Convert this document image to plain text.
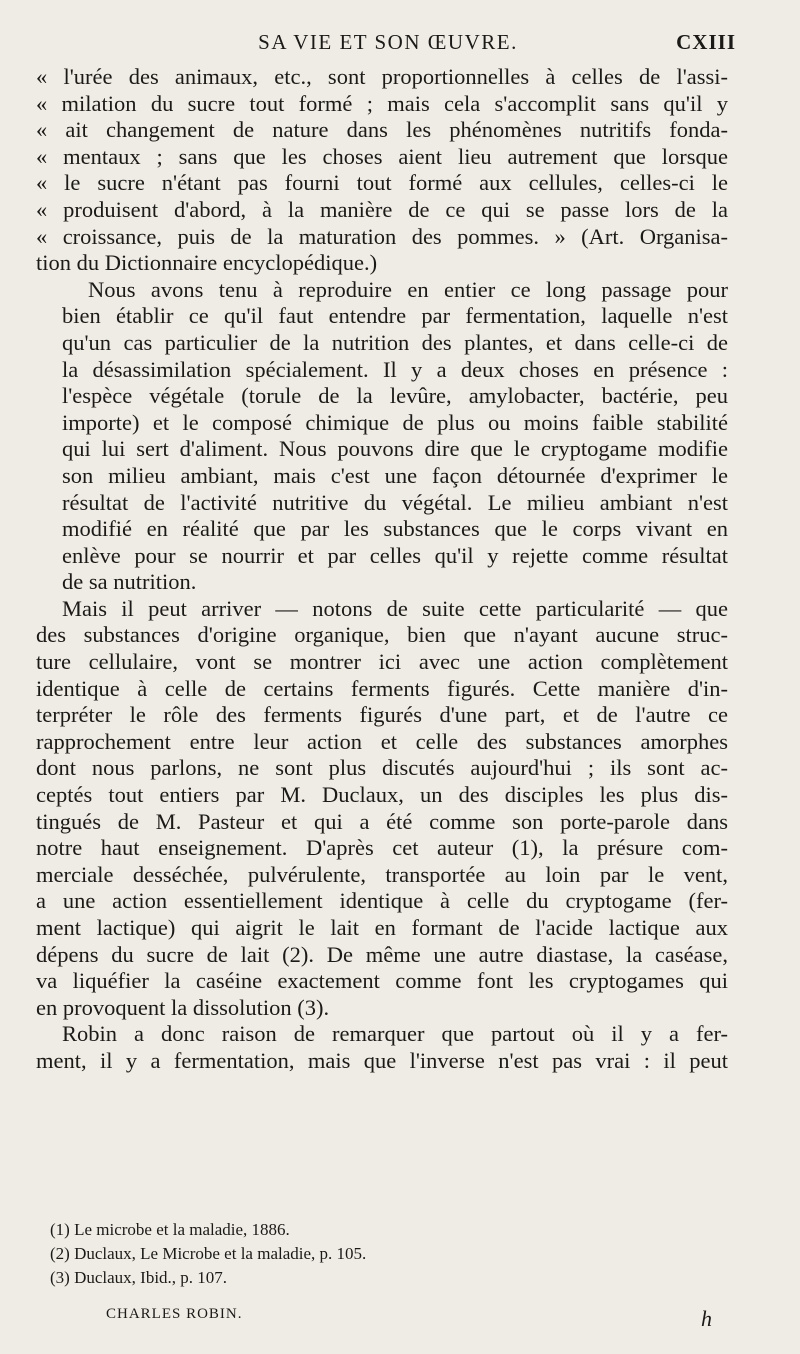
SA VIE ET SON ŒUVRE.	CXIII

« l'urée des animaux, etc., sont proportionnelles à celles de l'assi-
« milation du sucre tout formé ; mais cela s'accomplit sans qu'il y
« ait changement de nature dans les phénomènes nutritifs fonda-
« mentaux ; sans que les choses aient lieu autrement que lorsque
« le sucre n'étant pas fourni tout formé aux cellules, celles-ci le
« produisent d'abord, à la manière de ce qui se passe lors de la
« croissance, puis de la maturation des pommes. » (Art. Organisa-
tion du Dictionnaire encyclopédique.)

Nous avons tenu à reproduire en entier ce long passage pour
bien établir ce qu'il faut entendre par fermentation, laquelle n'est
qu'un cas particulier de la nutrition des plantes, et dans celle-ci de
la désassimilation spécialement. Il y a deux choses en présence :
l'espèce végétale (torule de la levûre, amylobacter, bactérie, peu
importe) et le composé chimique de plus ou moins faible stabilité
qui lui sert d'aliment. Nous pouvons dire que le cryptogame modifie
son milieu ambiant, mais c'est une façon détournée d'exprimer le
résultat de l'activité nutritive du végétal. Le milieu ambiant n'est
modifié en réalité que par les substances que le corps vivant en
enlève pour se nourrir et par celles qu'il y rejette comme résultat
de sa nutrition.

Mais il peut arriver — notons de suite cette particularité — que
des substances d'origine organique, bien que n'ayant aucune struc-
ture cellulaire, vont se montrer ici avec une action complètement
identique à celle de certains ferments figurés. Cette manière d'in-
terpréter le rôle des ferments figurés d'une part, et de l'autre ce
rapprochement entre leur action et celle des substances amorphes
dont nous parlons, ne sont plus discutés aujourd'hui ; ils sont ac-
ceptés tout entiers par M. Duclaux, un des disciples les plus dis-
tingués de M. Pasteur et qui a été comme son porte-parole dans
notre haut enseignement. D'après cet auteur (1), la présure com-
merciale desséchée, pulvérulente, transportée au loin par le vent,
a une action essentiellement identique à celle du cryptogame (fer-
ment lactique) qui aigrit le lait en formant de l'acide lactique aux
dépens du sucre de lait (2). De même une autre diastase, la caséase,
va liquéfier la caséine exactement comme font les cryptogames qui
en provoquent la dissolution (3).

Robin a donc raison de remarquer que partout où il y a fer-
ment, il y a fermentation, mais que l'inverse n'est pas vrai : il peut

(1) Le microbe et la maladie, 1886.
(2) Duclaux, Le Microbe et la maladie, p. 105.
(3) Duclaux, Ibid., p. 107.
CHARLES ROBIN.	h
